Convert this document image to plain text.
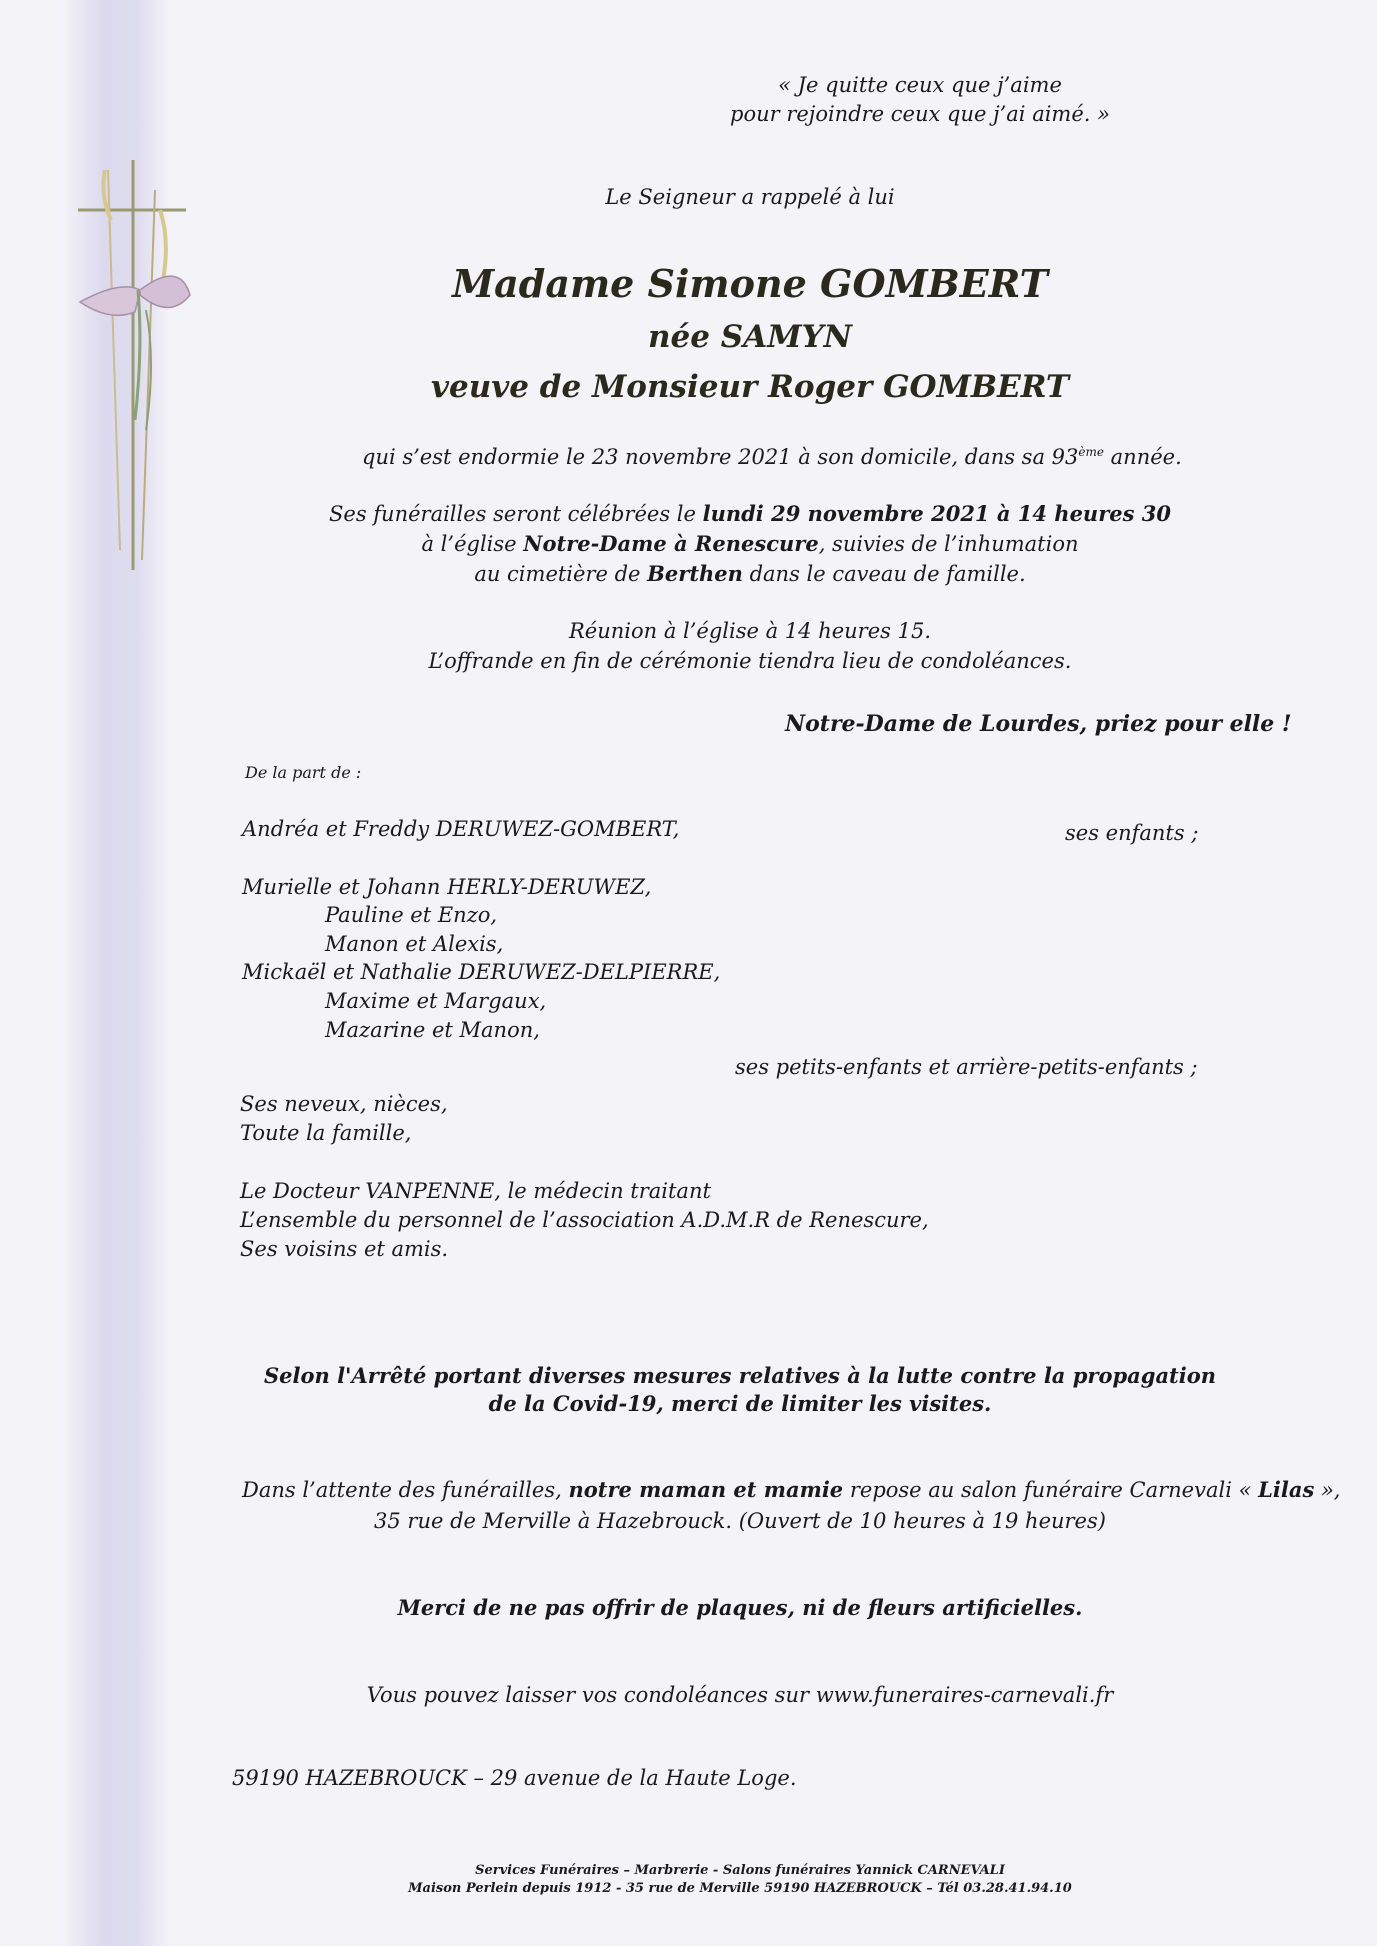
« Je quitte ceux que j’aime
pour rejoindre ceux que j’ai aimé. »
Le Seigneur a rappelé à lui
Madame Simone GOMBERT
née SAMYN
veuve de Monsieur Roger GOMBERT
qui s’est endormie le 23 novembre 2021 à son domicile, dans sa 93ème année.
Ses funérailles seront célébrées le lundi 29 novembre 2021 à 14 heures 30
à l’église Notre-Dame à Renescure, suivies de l’inhumation
au cimetière de Berthen dans le caveau de famille.
Réunion à l’église à 14 heures 15.
L’offrande en fin de cérémonie tiendra lieu de condoléances.
Notre-Dame de Lourdes, priez pour elle !
De la part de :
Andréa et Freddy DERUWEZ-GOMBERT,	ses enfants ;
Murielle et Johann HERLY-DERUWEZ,
Pauline et Enzo,
Manon et Alexis,
Mickaël et Nathalie DERUWEZ-DELPIERRE,
Maxime et Margaux,
Mazarine et Manon,
ses petits-enfants et arrière-petits-enfants ;
Ses neveux, nièces,
Toute la famille,
Le Docteur VANPENNE, le médecin traitant
L’ensemble du personnel de l’association A.D.M.R de Renescure,
Ses voisins et amis.
Selon l'Arrêté portant diverses mesures relatives à la lutte contre la propagation
de la Covid-19, merci de limiter les visites.
Dans l’attente des funérailles, notre maman et mamie repose au salon funéraire Carnevali « Lilas »,
35 rue de Merville à Hazebrouck. (Ouvert de 10 heures à 19 heures)
Merci de ne pas offrir de plaques, ni de fleurs artificielles.
Vous pouvez laisser vos condoléances sur www.funeraires-carnevali.fr
59190 HAZEBROUCK – 29 avenue de la Haute Loge.
Services Funéraires – Marbrerie - Salons funéraires Yannick CARNEVALI
Maison Perlein depuis 1912 - 35 rue de Merville 59190 HAZEBROUCK – Tél 03.28.41.94.10
